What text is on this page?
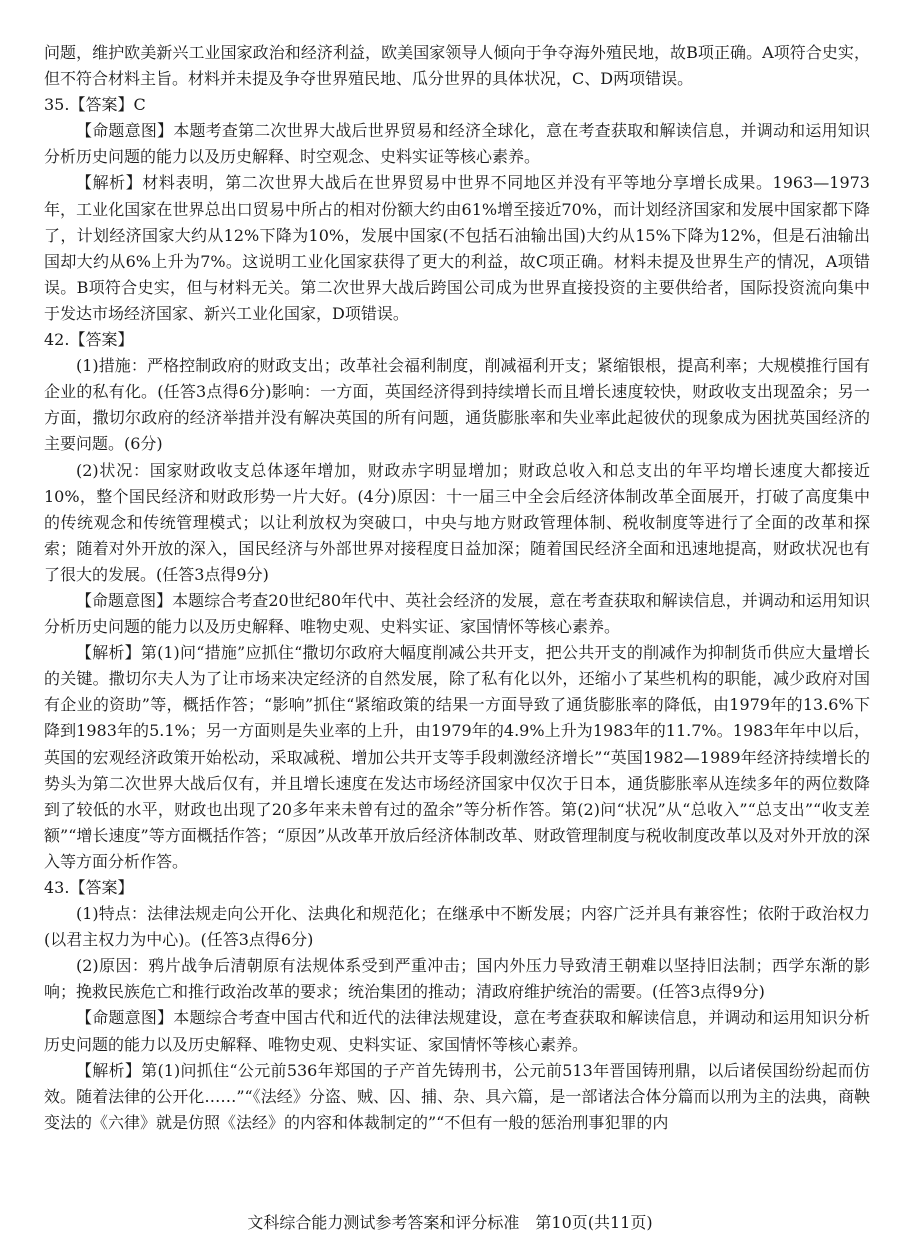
问题，维护欧美新兴工业国家政治和经济利益，欧美国家领导人倾向于争夺海外殖民地，故B项正确。A项符合史实，但不符合材料主旨。材料并未提及争夺世界殖民地、瓜分世界的具体状况，C、D两项错误。

35.【答案】C

【命题意图】本题考查第二次世界大战后世界贸易和经济全球化，意在考查获取和解读信息，并调动和运用知识分析历史问题的能力以及历史解释、时空观念、史料实证等核心素养。

【解析】材料表明，第二次世界大战后在世界贸易中世界不同地区并没有平等地分享增长成果。1963—1973年，工业化国家在世界总出口贸易中所占的相对份额大约由61%增至接近70%，而计划经济国家和发展中国家都下降了，计划经济国家大约从12%下降为10%，发展中国家(不包括石油输出国)大约从15%下降为12%，但是石油输出国却大约从6%上升为7%。这说明工业化国家获得了更大的利益，故C项正确。材料未提及世界生产的情况，A项错误。B项符合史实，但与材料无关。第二次世界大战后跨国公司成为世界直接投资的主要供给者，国际投资流向集中于发达市场经济国家、新兴工业化国家，D项错误。

42.【答案】

(1)措施：严格控制政府的财政支出；改革社会福利制度，削减福利开支；紧缩银根，提高利率；大规模推行国有企业的私有化。(任答3点得6分)影响：一方面，英国经济得到持续增长而且增长速度较快，财政收支出现盈余；另一方面，撒切尔政府的经济举措并没有解决英国的所有问题，通货膨胀率和失业率此起彼伏的现象成为困扰英国经济的主要问题。(6分)

(2)状况：国家财政收支总体逐年增加，财政赤字明显增加；财政总收入和总支出的年平均增长速度大都接近10%，整个国民经济和财政形势一片大好。(4分)原因：十一届三中全会后经济体制改革全面展开，打破了高度集中的传统观念和传统管理模式；以让利放权为突破口，中央与地方财政管理体制、税收制度等进行了全面的改革和探索；随着对外开放的深入，国民经济与外部世界对接程度日益加深；随着国民经济全面和迅速地提高，财政状况也有了很大的发展。(任答3点得9分)

【命题意图】本题综合考查20世纪80年代中、英社会经济的发展，意在考查获取和解读信息，并调动和运用知识分析历史问题的能力以及历史解释、唯物史观、史料实证、家国情怀等核心素养。

【解析】第(1)问“措施”应抓住“撒切尔政府大幅度削减公共开支，把公共开支的削减作为抑制货币供应大量增长的关键。撒切尔夫人为了让市场来决定经济的自然发展，除了私有化以外，还缩小了某些机构的职能，减少政府对国有企业的资助”等，概括作答；“影响”抓住“紧缩政策的结果一方面导致了通货膨胀率的降低，由1979年的13.6%下降到1983年的5.1%；另一方面则是失业率的上升，由1979年的4.9%上升为1983年的11.7%。1983年年中以后，英国的宏观经济政策开始松动，采取减税、增加公共开支等手段刺激经济增长”“英国1982—1989年经济持续增长的势头为第二次世界大战后仅有，并且增长速度在发达市场经济国家中仅次于日本，通货膨胀率从连续多年的两位数降到了较低的水平，财政也出现了20多年来未曾有过的盈余”等分析作答。第(2)问“状况”从“总收入”“总支出”“收支差额”“增长速度”等方面概括作答；“原因”从改革开放后经济体制改革、财政管理制度与税收制度改革以及对外开放的深入等方面分析作答。

43.【答案】

(1)特点：法律法规走向公开化、法典化和规范化；在继承中不断发展；内容广泛并具有兼容性；依附于政治权力(以君主权力为中心)。(任答3点得6分)

(2)原因：鸦片战争后清朝原有法规体系受到严重冲击；国内外压力导致清王朝难以坚持旧法制；西学东渐的影响；挽救民族危亡和推行政治改革的要求；统治集团的推动；清政府维护统治的需要。(任答3点得9分)

【命题意图】本题综合考查中国古代和近代的法律法规建设，意在考查获取和解读信息，并调动和运用知识分析历史问题的能力以及历史解释、唯物史观、史料实证、家国情怀等核心素养。

【解析】第(1)问抓住“公元前536年郑国的子产首先铸刑书，公元前513年晋国铸刑鼎，以后诸侯国纷纷起而仿效。随着法律的公开化……”“《法经》分盗、贼、囚、捕、杂、具六篇，是一部诸法合体分篇而以刑为主的法典，商鞅变法的《六律》就是仿照《法经》的内容和体裁制定的”“不但有一般的惩治刑事犯罪的内

文科综合能力测试参考答案和评分标准　第10页(共11页)
